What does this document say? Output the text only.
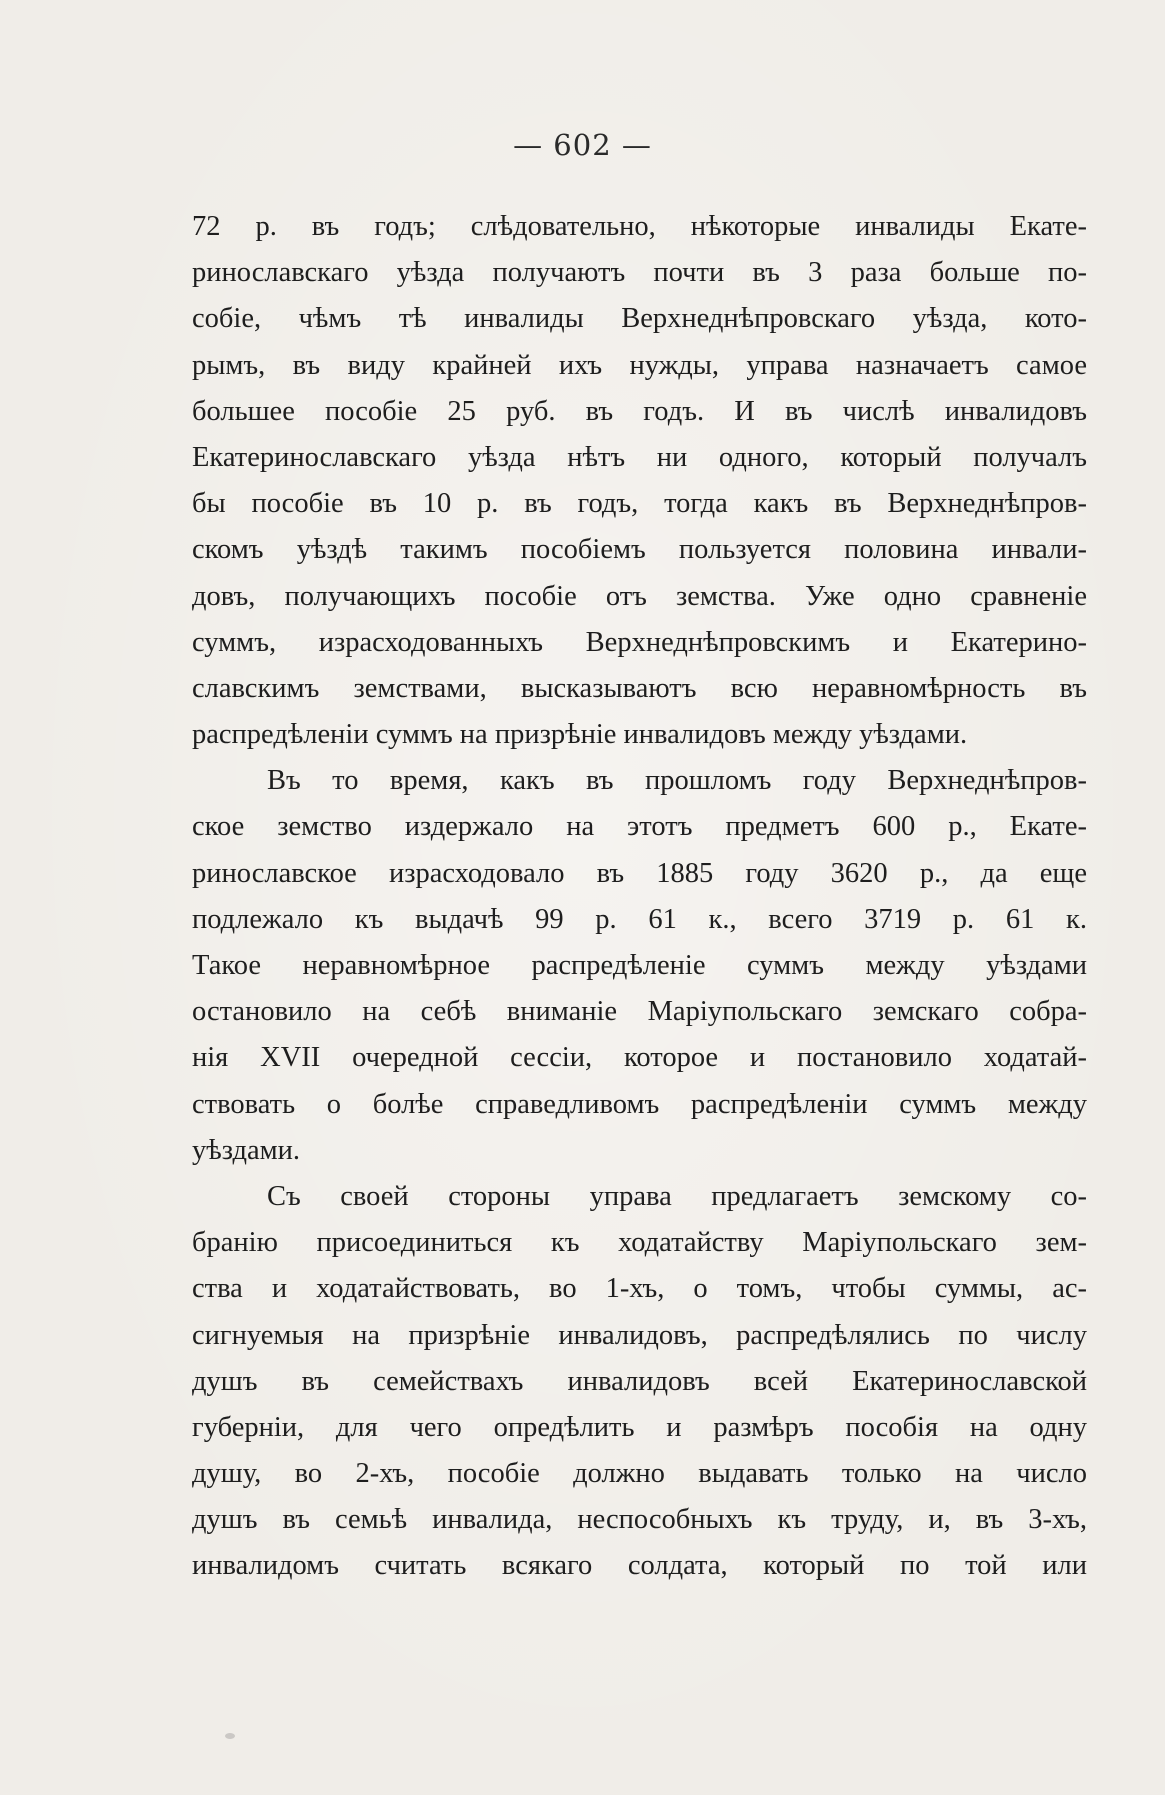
— 602 —
72 р. въ годъ; слѣдовательно, нѣкоторые инвалиды Екате-
ринославскаго уѣзда получаютъ почти въ 3 раза больше по-
собіе, чѣмъ тѣ инвалиды Верхнеднѣпровскаго уѣзда, кото-
рымъ, въ виду крайней ихъ нужды, управа назначаетъ самое
большее пособіе 25 руб. въ годъ. И въ числѣ инвалидовъ
Екатеринославскаго уѣзда нѣтъ ни одного, который получалъ
бы пособіе въ 10 р. въ годъ, тогда какъ въ Верхнеднѣпров-
скомъ уѣздѣ такимъ пособіемъ пользуется половина инвали-
довъ, получающихъ пособіе отъ земства. Уже одно сравненіе
суммъ, израсходованныхъ Верхнеднѣпровскимъ и Екатерино-
славскимъ земствами, высказываютъ всю неравномѣрность въ
распредѣленіи суммъ на призрѣніе инвалидовъ между уѣздами.
Въ то время, какъ въ прошломъ году Верхнеднѣпров-
ское земство издержало на этотъ предметъ 600 р., Екате-
ринославское израсходовало въ 1885 году 3620 р., да еще
подлежало къ выдачѣ 99 р. 61 к., всего 3719 р. 61 к.
Такое неравномѣрное распредѣленіе суммъ между уѣздами
остановило на себѣ вниманіе Маріупольскаго земскаго собра-
нія XVII очередной сессіи, которое и постановило ходатай-
ствовать о болѣе справедливомъ распредѣленіи суммъ между
уѣздами.
Съ своей стороны управа предлагаетъ земскому со-
бранію присоединиться къ ходатайству Маріупольскаго зем-
ства и ходатайствовать, во 1-хъ, о томъ, чтобы суммы, ас-
сигнуемыя на призрѣніе инвалидовъ, распредѣлялись по числу
душъ въ семействахъ инвалидовъ всей Екатеринославской
губерніи, для чего опредѣлить и размѣръ пособія на одну
душу, во 2-хъ, пособіе должно выдавать только на число
душъ въ семьѣ инвалида, неспособныхъ къ труду, и, въ 3-хъ,
инвалидомъ считать всякаго солдата, который по той или
